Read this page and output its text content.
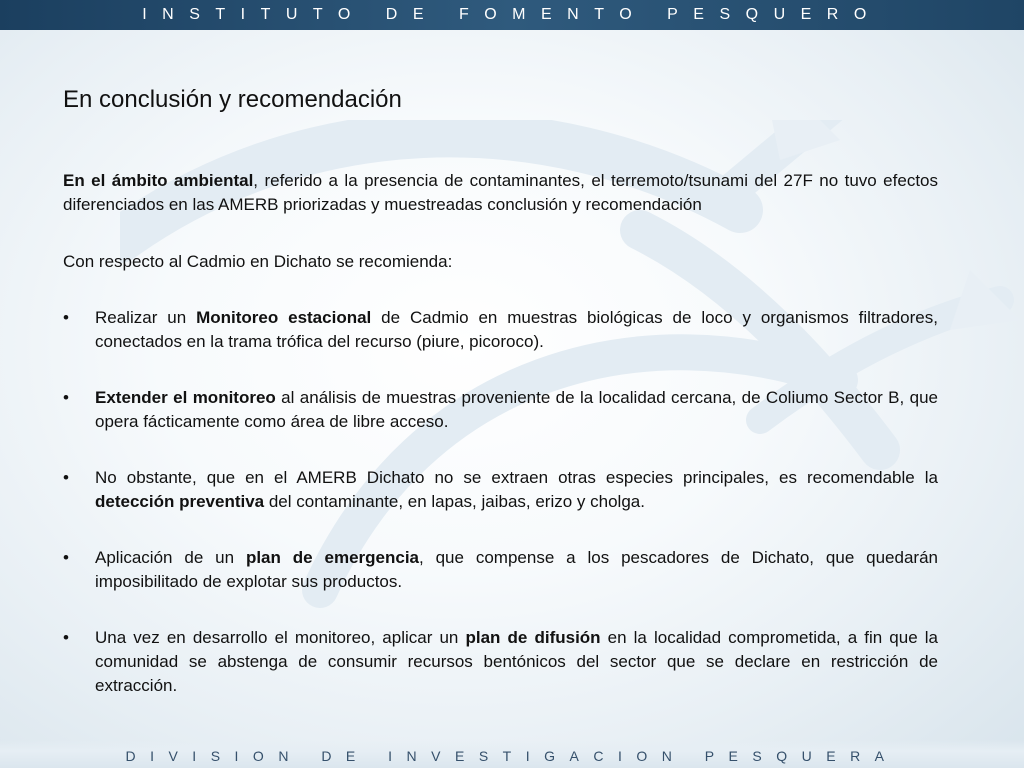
INSTITUTO DE FOMENTO PESQUERO
En conclusión y recomendación

En el ámbito ambiental, referido a la presencia de contaminantes, el terremoto/tsunami del 27F no tuvo efectos diferenciados en las AMERB priorizadas y muestreadas conclusión y recomendación

Con respecto al Cadmio en Dichato se recomienda:

• Realizar un Monitoreo estacional de Cadmio en muestras biológicas de loco y organismos filtradores, conectados en la trama trófica del recurso (piure, picoroco).
• Extender el monitoreo al análisis de muestras proveniente de la localidad cercana, de Coliumo Sector B, que opera fácticamente como área de libre acceso.
• No obstante, que en el AMERB Dichato no se extraen otras especies principales, es recomendable la detección preventiva del contaminante, en lapas, jaibas, erizo y cholga.
• Aplicación de un plan de emergencia, que compense a los pescadores de Dichato, que quedarán imposibilitado de explotar sus productos.
• Una vez en desarrollo el monitoreo, aplicar un plan de difusión en la localidad comprometida, a fin que la comunidad se abstenga de consumir recursos bentónicos del sector que se declare en restricción de extracción.
DIVISION DE INVESTIGACION PESQUERA
